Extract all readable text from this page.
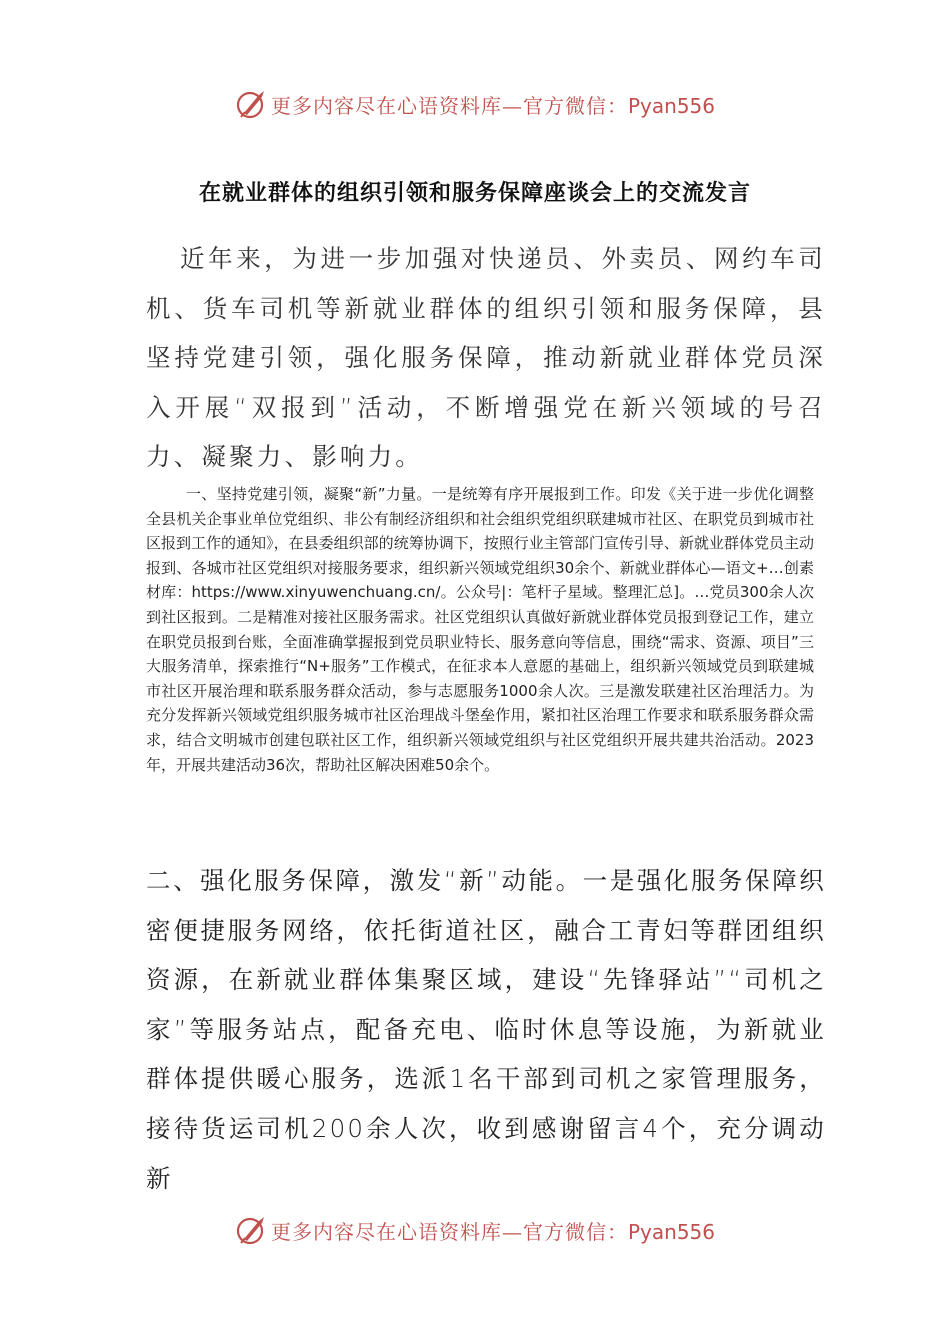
更多内容尽在心语资料库—官方微信：Pyan556
在就业群体的组织引领和服务保障座谈会上的交流发言

近年来，为进一步加强对快递员、外卖员、网约车司机、货车司机等新就业群体的组织引领和服务保障，县坚持党建引领，强化服务保障，推动新就业群体党员深入开展“双报到”活动，不断增强党在新兴领域的号召力、凝聚力、影响力。

一、坚持党建引领，凝聚“新”力量。一是统筹有序开展报到工作。印发《关于进一步优化调整全县机关企事业单位党组织、非公有制经济组织和社会组织党组织联建城市社区、在职党员到城市社区报到工作的通知》，在县委组织部的统筹协调下，按照行业主管部门宣传引导、新就业群体党员主动报到、各城市社区党组织对接服务要求，组织新兴领域党组织30余个、新就业群体心—语文+…创素材库：https://www.xinyuwenchuang.cn/。公众号|：笔杆子星域。整理汇总]。…党员300余人次到社区报到。二是精准对接社区服务需求。社区党组织认真做好新就业群体党员报到登记工作，建立在职党员报到台账，全面准确掌握报到党员职业特长、服务意向等信息，围绕“需求、资源、项目”三大服务清单，探索推行“N+服务”工作模式，在征求本人意愿的基础上，组织新兴领域党员到联建城市社区开展治理和联系服务群众活动，参与志愿服务1000余人次。三是激发联建社区治理活力。为充分发挥新兴领域党组织服务城市社区治理战斗堡垒作用，紧扣社区治理工作要求和联系服务群众需求，结合文明城市创建包联社区工作，组织新兴领域党组织与社区党组织开展共建共治活动。2023年，开展共建活动36次，帮助社区解决困难50余个。

二、强化服务保障，激发“新”动能。一是强化服务保障织密便捷服务网络，依托街道社区，融合工青妇等群团组织资源，在新就业群体集聚区域，建设“先锋驿站”“司机之家”等服务站点，配备充电、临时休息等设施，为新就业群体提供暖心服务，选派1名干部到司机之家管理服务，接待货运司机200余人次，收到感谢留言4个，充分调动新

更多内容尽在心语资料库—官方微信：Pyan556
